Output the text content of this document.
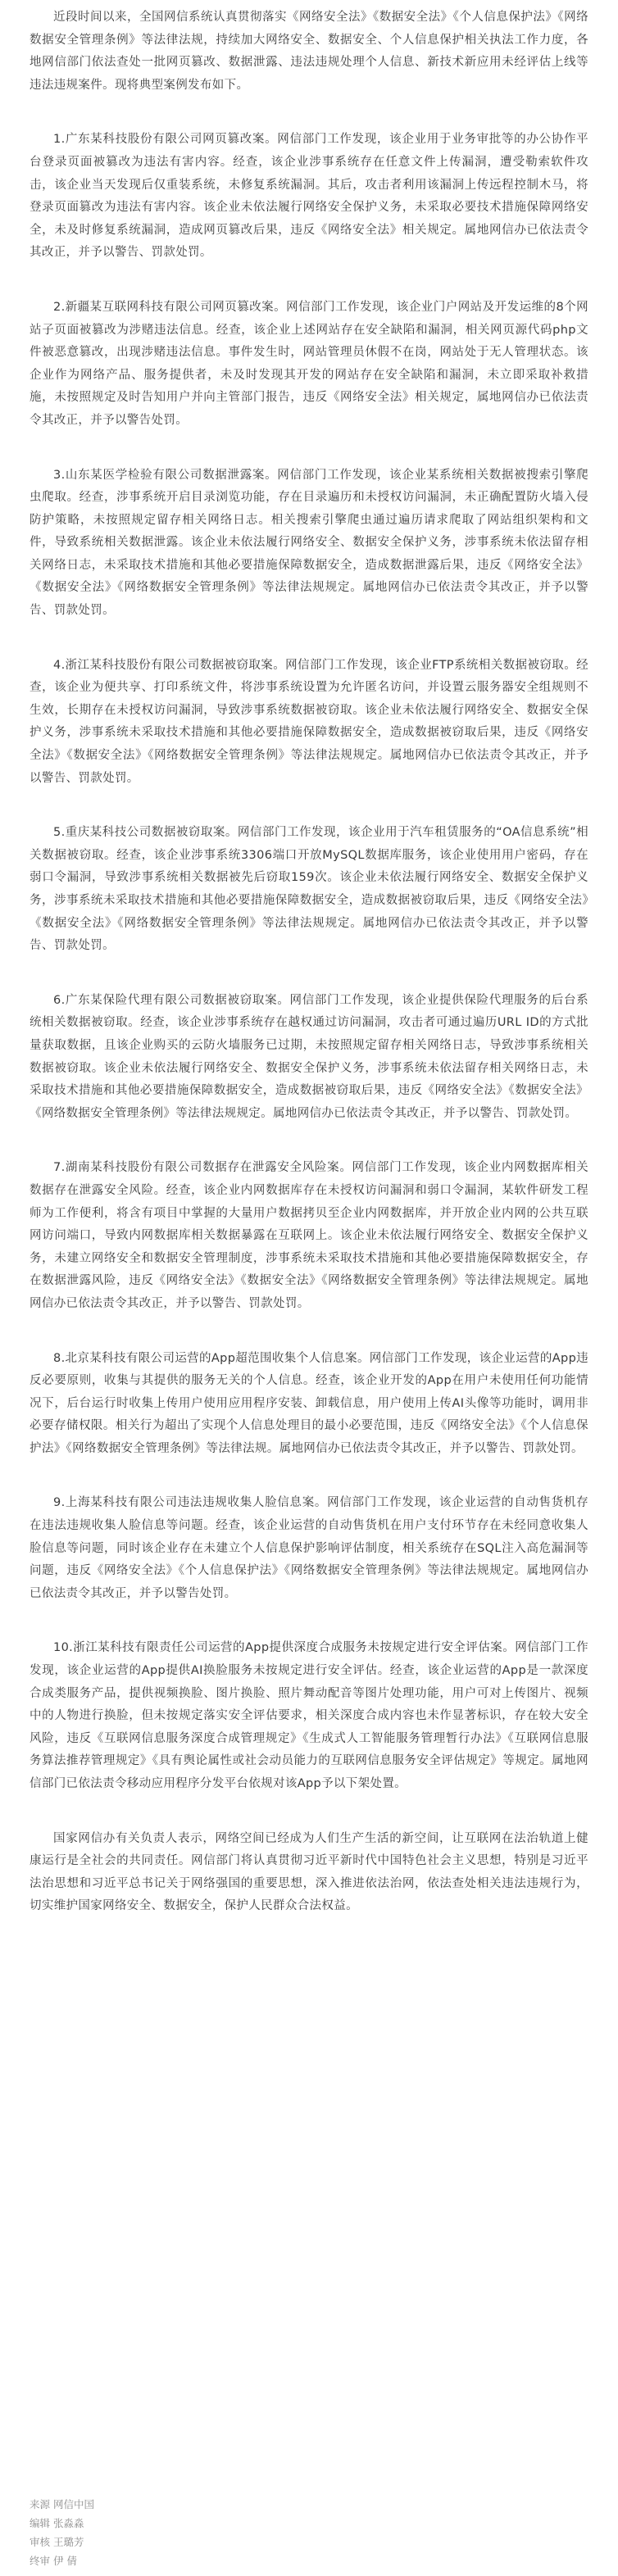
近段时间以来，全国网信系统认真贯彻落实《网络安全法》《数据安全法》《个人信息保护法》《网络数据安全管理条例》等法律法规，持续加大网络安全、数据安全、个人信息保护相关执法工作力度，各地网信部门依法查处一批网页篡改、数据泄露、违法违规处理个人信息、新技术新应用未经评估上线等违法违规案件。现将典型案例发布如下。

1.广东某科技股份有限公司网页篡改案。网信部门工作发现，该企业用于业务审批等的办公协作平台登录页面被篡改为违法有害内容。经查，该企业涉事系统存在任意文件上传漏洞，遭受勒索软件攻击，该企业当天发现后仅重装系统，未修复系统漏洞。其后，攻击者利用该漏洞上传远程控制木马，将登录页面篡改为违法有害内容。该企业未依法履行网络安全保护义务，未采取必要技术措施保障网络安全，未及时修复系统漏洞，造成网页篡改后果，违反《网络安全法》相关规定。属地网信办已依法责令其改正，并予以警告、罚款处罚。

2.新疆某互联网科技有限公司网页篡改案。网信部门工作发现，该企业门户网站及开发运维的8个网站子页面被篡改为涉赌违法信息。经查，该企业上述网站存在安全缺陷和漏洞，相关网页源代码php文件被恶意篡改，出现涉赌违法信息。事件发生时，网站管理员休假不在岗，网站处于无人管理状态。该企业作为网络产品、服务提供者，未及时发现其开发的网站存在安全缺陷和漏洞，未立即采取补救措施，未按照规定及时告知用户并向主管部门报告，违反《网络安全法》相关规定，属地网信办已依法责令其改正，并予以警告处罚。

3.山东某医学检验有限公司数据泄露案。网信部门工作发现，该企业某系统相关数据被搜索引擎爬虫爬取。经查，涉事系统开启目录浏览功能，存在目录遍历和未授权访问漏洞，未正确配置防火墙入侵防护策略，未按照规定留存相关网络日志。相关搜索引擎爬虫通过遍历请求爬取了网站组织架构和文件，导致系统相关数据泄露。该企业未依法履行网络安全、数据安全保护义务，涉事系统未依法留存相关网络日志，未采取技术措施和其他必要措施保障数据安全，造成数据泄露后果，违反《网络安全法》《数据安全法》《网络数据安全管理条例》等法律法规规定。属地网信办已依法责令其改正，并予以警告、罚款处罚。

4.浙江某科技股份有限公司数据被窃取案。网信部门工作发现，该企业FTP系统相关数据被窃取。经查，该企业为便共享、打印系统文件，将涉事系统设置为允许匿名访问，并设置云服务器安全组规则不生效，长期存在未授权访问漏洞，导致涉事系统数据被窃取。该企业未依法履行网络安全、数据安全保护义务，涉事系统未采取技术措施和其他必要措施保障数据安全，造成数据被窃取后果，违反《网络安全法》《数据安全法》《网络数据安全管理条例》等法律法规规定。属地网信办已依法责令其改正，并予以警告、罚款处罚。

5.重庆某科技公司数据被窃取案。网信部门工作发现，该企业用于汽车租赁服务的“OA信息系统”相关数据被窃取。经查，该企业涉事系统3306端口开放MySQL数据库服务，该企业使用用户密码，存在弱口令漏洞，导致涉事系统相关数据被先后窃取159次。该企业未依法履行网络安全、数据安全保护义务，涉事系统未采取技术措施和其他必要措施保障数据安全，造成数据被窃取后果，违反《网络安全法》《数据安全法》《网络数据安全管理条例》等法律法规规定。属地网信办已依法责令其改正，并予以警告、罚款处罚。

6.广东某保险代理有限公司数据被窃取案。网信部门工作发现，该企业提供保险代理服务的后台系统相关数据被窃取。经查，该企业涉事系统存在越权通过访问漏洞，攻击者可通过遍历URL ID的方式批量获取数据，且该企业购买的云防火墙服务已过期，未按照规定留存相关网络日志，导致涉事系统相关数据被窃取。该企业未依法履行网络安全、数据安全保护义务，涉事系统未依法留存相关网络日志，未采取技术措施和其他必要措施保障数据安全，造成数据被窃取后果，违反《网络安全法》《数据安全法》《网络数据安全管理条例》等法律法规规定。属地网信办已依法责令其改正，并予以警告、罚款处罚。

7.湖南某科技股份有限公司数据存在泄露安全风险案。网信部门工作发现，该企业内网数据库相关数据存在泄露安全风险。经查，该企业内网数据库存在未授权访问漏洞和弱口令漏洞，某软件研发工程师为工作便利，将含有项目中掌握的大量用户数据拷贝至企业内网数据库，并开放企业内网的公共互联网访问端口，导致内网数据库相关数据暴露在互联网上。该企业未依法履行网络安全、数据安全保护义务，未建立网络安全和数据安全管理制度，涉事系统未采取技术措施和其他必要措施保障数据安全，存在数据泄露风险，违反《网络安全法》《数据安全法》《网络数据安全管理条例》等法律法规规定。属地网信办已依法责令其改正，并予以警告、罚款处罚。

8.北京某科技有限公司运营的App超范围收集个人信息案。网信部门工作发现，该企业运营的App违反必要原则，收集与其提供的服务无关的个人信息。经查，该企业开发的App在用户未使用任何功能情况下，后台运行时收集上传用户使用应用程序安装、卸载信息，用户使用上传AI头像等功能时，调用非必要存储权限。相关行为超出了实现个人信息处理目的最小必要范围，违反《网络安全法》《个人信息保护法》《网络数据安全管理条例》等法律法规。属地网信办已依法责令其改正，并予以警告、罚款处罚。

9.上海某科技有限公司违法违规收集人脸信息案。网信部门工作发现，该企业运营的自动售货机存在违法违规收集人脸信息等问题。经查，该企业运营的自动售货机在用户支付环节存在未经同意收集人脸信息等问题，同时该企业存在未建立个人信息保护影响评估制度，相关系统存在SQL注入高危漏洞等问题，违反《网络安全法》《个人信息保护法》《网络数据安全管理条例》等法律法规规定。属地网信办已依法责令其改正，并予以警告处罚。

10.浙江某科技有限责任公司运营的App提供深度合成服务未按规定进行安全评估案。网信部门工作发现，该企业运营的App提供AI换脸服务未按规定进行安全评估。经查，该企业运营的App是一款深度合成类服务产品，提供视频换脸、图片换脸、照片舞动配音等图片处理功能，用户可对上传图片、视频中的人物进行换脸，但未按规定落实安全评估要求，相关深度合成内容也未作显著标识，存在较大安全风险，违反《互联网信息服务深度合成管理规定》《生成式人工智能服务管理暂行办法》《互联网信息服务算法推荐管理规定》《具有舆论属性或社会动员能力的互联网信息服务安全评估规定》等规定。属地网信部门已依法责令移动应用程序分发平台依规对该App予以下架处置。

国家网信办有关负责人表示，网络空间已经成为人们生产生活的新空间，让互联网在法治轨道上健康运行是全社会的共同责任。网信部门将认真贯彻习近平新时代中国特色社会主义思想，特别是习近平法治思想和习近平总书记关于网络强国的重要思想，深入推进依法治网，依法查处相关违法违规行为，切实维护国家网络安全、数据安全，保护人民群众合法权益。

来源 网信中国
编辑 张淼淼
审核 王璐芳
终审 伊 倩
